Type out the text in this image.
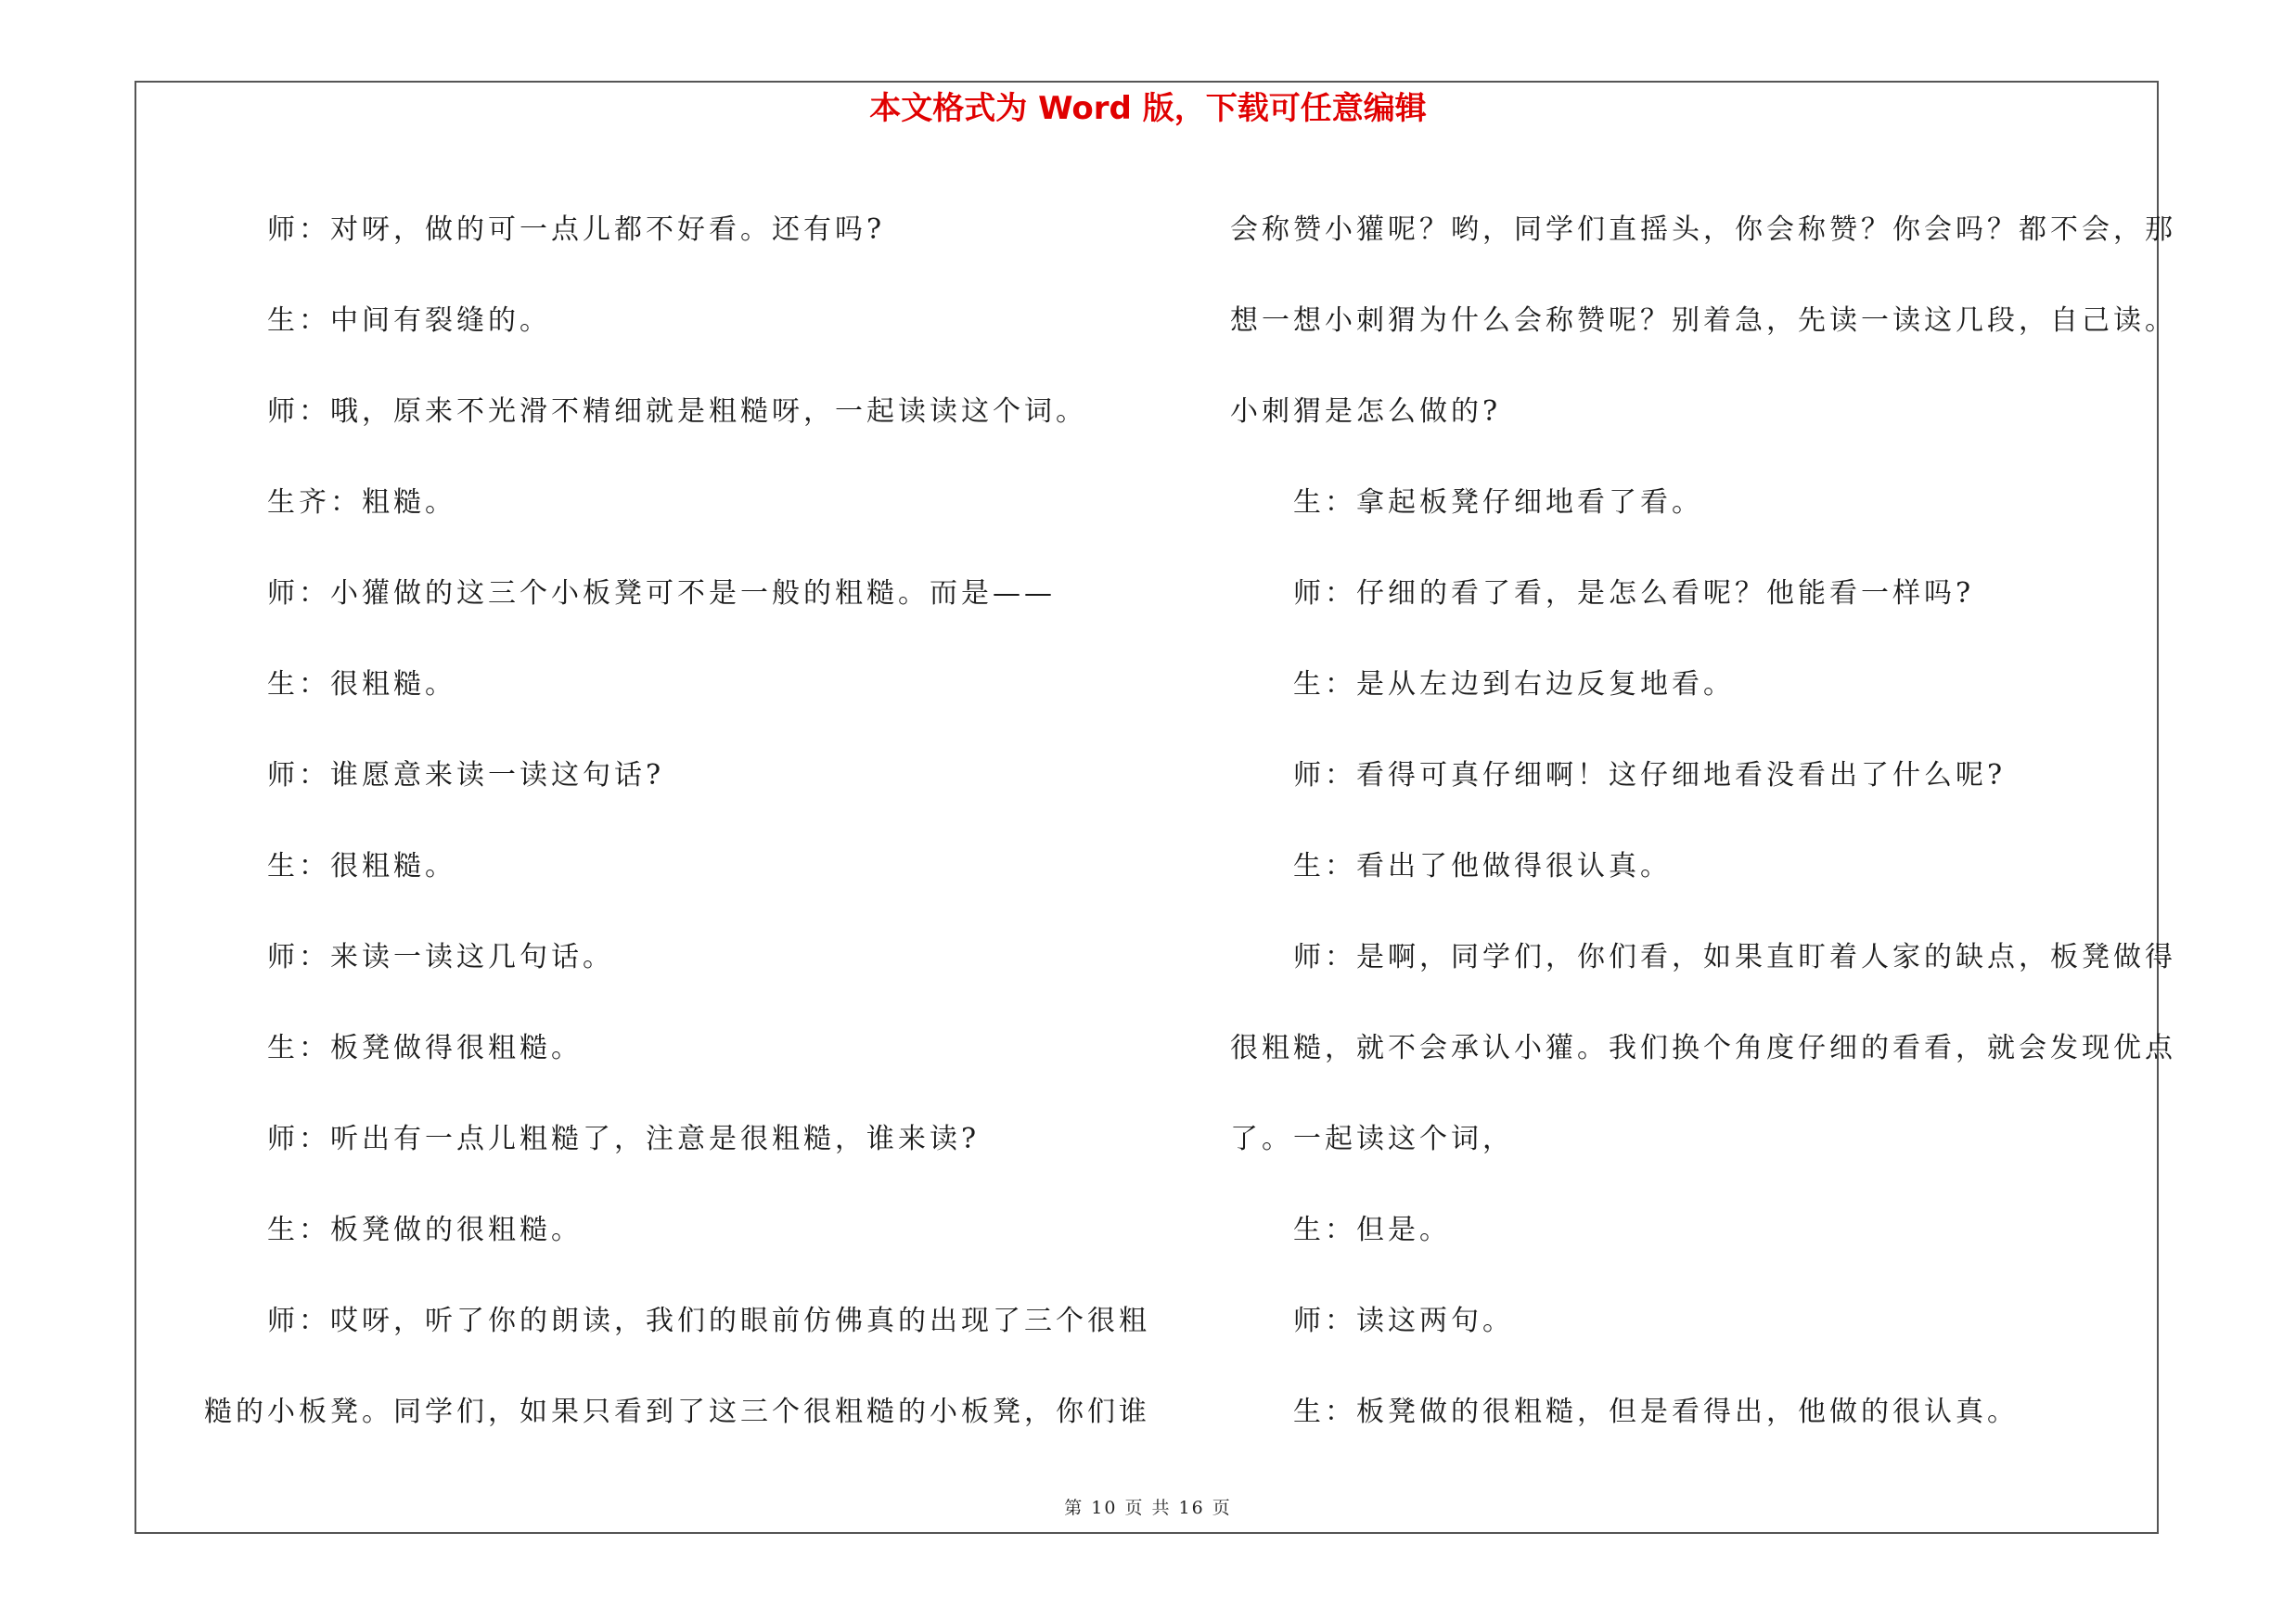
本文格式为 Word 版，下载可任意编辑
师：对呀，做的可一点儿都不好看。还有吗?
生：中间有裂缝的。
师：哦，原来不光滑不精细就是粗糙呀，一起读读这个词。
生齐：粗糙。
师：小獾做的这三个小板凳可不是一般的粗糙。而是——
生：很粗糙。
师：谁愿意来读一读这句话?
生：很粗糙。
师：来读一读这几句话。
生：板凳做得很粗糙。
师：听出有一点儿粗糙了，注意是很粗糙，谁来读?
生：板凳做的很粗糙。
师：哎呀，听了你的朗读，我们的眼前仿佛真的出现了三个很粗
糙的小板凳。同学们，如果只看到了这三个很粗糙的小板凳，你们谁
会称赞小獾呢？哟，同学们直摇头，你会称赞？你会吗？都不会，那
想一想小刺猬为什么会称赞呢？别着急，先读一读这几段，自己读。
小刺猬是怎么做的?
生：拿起板凳仔细地看了看。
师：仔细的看了看，是怎么看呢？他能看一样吗?
生：是从左边到右边反复地看。
师：看得可真仔细啊！这仔细地看没看出了什么呢?
生：看出了他做得很认真。
师：是啊，同学们，你们看，如果直盯着人家的缺点，板凳做得
很粗糙，就不会承认小獾。我们换个角度仔细的看看，就会发现优点
了。一起读这个词，
生：但是。
师：读这两句。
生：板凳做的很粗糙，但是看得出，他做的很认真。
第 10 页 共 16 页
